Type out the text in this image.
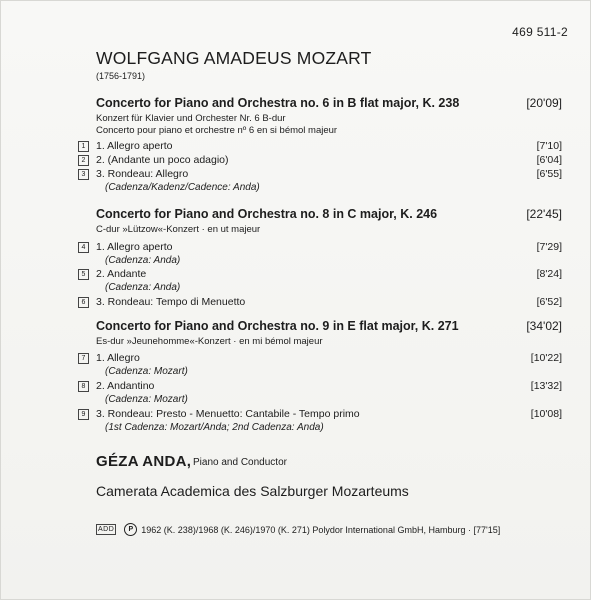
469 511-2
WOLFGANG AMADEUS MOZART
(1756-1791)
Concerto for Piano and Orchestra no. 6 in B flat major, K. 238	[20'09]
Konzert für Klavier und Orchester Nr. 6 B-dur
Concerto pour piano et orchestre nº 6 en si bémol majeur
1	1. Allegro aperto	[7'10]
2	2. (Andante un poco adagio)	[6'04]
3	3. Rondeau: Allegro	[6'55]
(Cadenza/Kadenz/Cadence: Anda)
Concerto for Piano and Orchestra no. 8 in C major, K. 246	[22'45]
C-dur »Lützow«-Konzert · en ut majeur
4	1. Allegro aperto	[7'29]
(Cadenza: Anda)
5	2. Andante	[8'24]
(Cadenza: Anda)
6	3. Rondeau: Tempo di Menuetto	[6'52]
Concerto for Piano and Orchestra no. 9 in E flat major, K. 271	[34'02]
Es-dur »Jeunehomme«-Konzert · en mi bémol majeur
7	1. Allegro	[10'22]
(Cadenza: Mozart)
8	2. Andantino	[13'32]
(Cadenza: Mozart)
9	3. Rondeau: Presto - Menuetto: Cantabile - Tempo primo	[10'08]
(1st Cadenza: Mozart/Anda; 2nd Cadenza: Anda)
GÉZA ANDA, Piano and Conductor
Camerata Academica des Salzburger Mozarteums
ADD	P 1962 (K. 238)/1968 (K. 246)/1970 (K. 271) Polydor International GmbH, Hamburg · [77'15]
